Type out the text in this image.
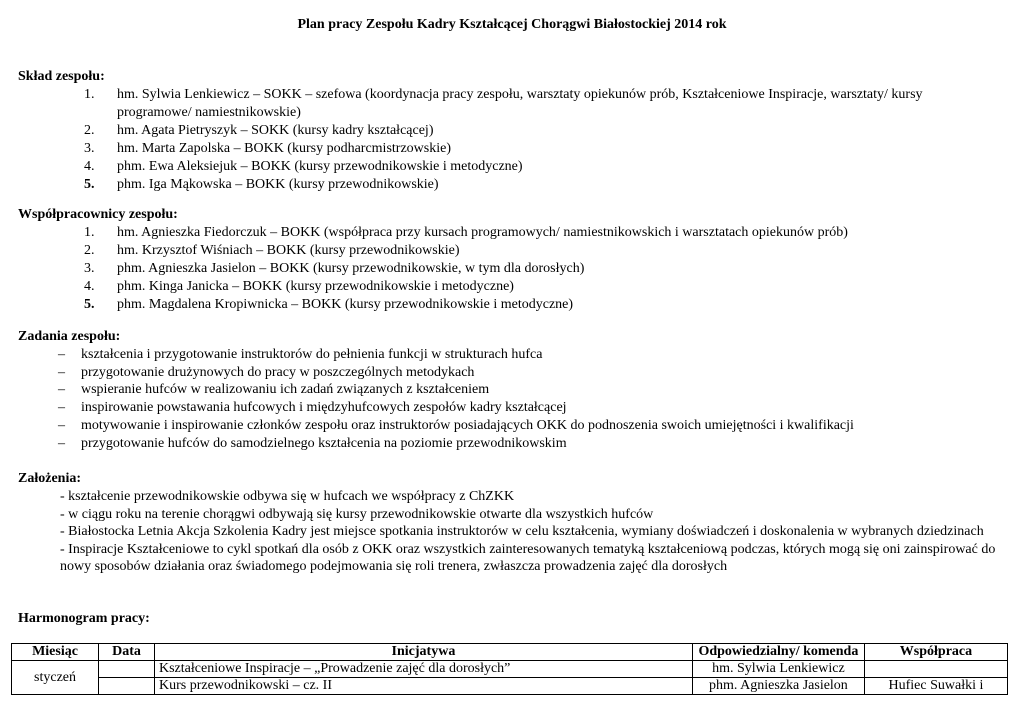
Plan pracy Zespołu Kadry Kształcącej Chorągwi Białostockiej 2014 rok
Skład zespołu:
1.	hm. Sylwia Lenkiewicz – SOKK – szefowa (koordynacja pracy zespołu, warsztaty opiekunów prób, Kształceniowe Inspiracje, warsztaty/ kursy programowe/ namiestnikowskie)
2.	hm. Agata Pietryszyk – SOKK (kursy kadry kształcącej)
3.	hm. Marta Zapolska – BOKK (kursy podharcmistrzowskie)
4.	phm. Ewa Aleksiejuk – BOKK (kursy przewodnikowskie i metodyczne)
5.	phm. Iga Mąkowska – BOKK (kursy przewodnikowskie)
Współpracownicy zespołu:
1.	hm. Agnieszka Fiedorczuk – BOKK (współpraca przy kursach programowych/ namiestnikowskich i warsztatach opiekunów prób)
2.	hm. Krzysztof Wiśniach – BOKK (kursy przewodnikowskie)
3.	phm. Agnieszka Jasielon – BOKK (kursy przewodnikowskie, w tym dla dorosłych)
4.	phm. Kinga Janicka – BOKK (kursy przewodnikowskie i metodyczne)
5.	phm. Magdalena Kropiwnicka – BOKK (kursy przewodnikowskie i metodyczne)
Zadania zespołu:
– kształcenia i przygotowanie instruktorów do pełnienia funkcji w strukturach hufca
– przygotowanie drużynowych do pracy w poszczególnych metodykach
– wspieranie hufców w realizowaniu ich zadań związanych z kształceniem
– inspirowanie powstawania hufcowych i międzyhufcowych zespołów kadry kształcącej
– motywowanie i inspirowanie członków zespołu oraz instruktorów posiadających OKK do podnoszenia swoich umiejętności i kwalifikacji
– przygotowanie hufców do samodzielnego kształcenia na poziomie przewodnikowskim
Założenia:

- kształcenie przewodnikowskie odbywa się w hufcach we współpracy z ChZKK

- w ciągu roku na terenie chorągwi odbywają się kursy przewodnikowskie otwarte dla wszystkich hufców

- Białostocka Letnia Akcja Szkolenia Kadry jest miejsce spotkania instruktorów w celu kształcenia, wymiany doświadczeń i doskonalenia w wybranych dziedzinach

- Inspiracje Kształceniowe to cykl spotkań dla osób z OKK oraz wszystkich zainteresowanych tematyką kształceniową podczas, których mogą się oni zainspirować do nowy sposobów działania oraz świadomego podejmowania się roli trenera, zwłaszcza prowadzenia zajęć dla dorosłych

Harmonogram pracy:
Miesiąc	Data	Inicjatywa	Odpowiedzialny/ komenda	Współpraca
styczeń		Kształceniowe Inspiracje – „Prowadzenie zajęć dla dorosłych”	hm. Sylwia Lenkiewicz	
		Kurs przewodnikowski – cz. II	phm. Agnieszka Jasielon	Hufiec Suwałki i
